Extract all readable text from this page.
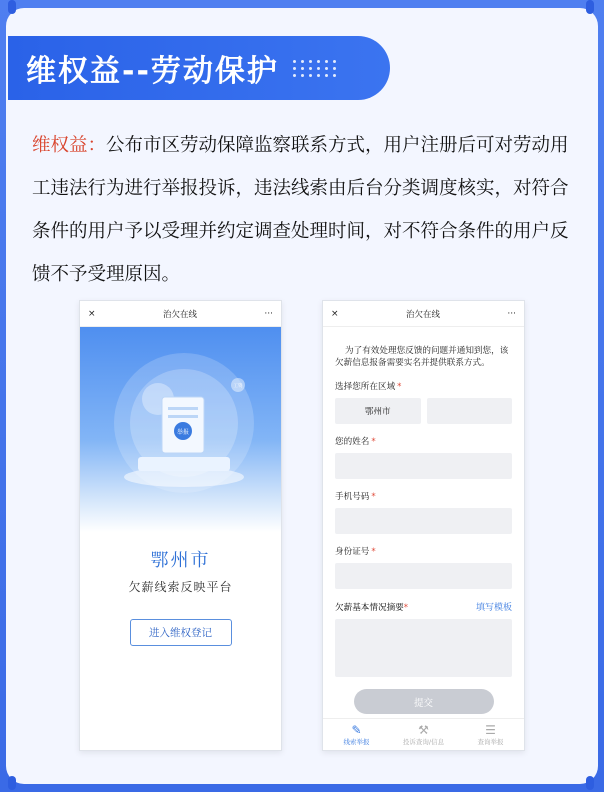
维权益--劳动保护

维权益：公布市区劳动保障监察联系方式，用户注册后可对劳动用工违法行为进行举报投诉，违法线索由后台分类调度核实，对符合条件的用户予以受理并约定调查处理时间，对不符合条件的用户反馈不予受理原因。

×	治欠在线	···
举报
工资
鄂州市
欠薪线索反映平台
进入维权登记
×	治欠在线	···

为了有效处理您反馈的问题并通知到您，该欠薪信息报备需要实名并提供联系方式。

选择您所在区域 *
鄂州市
您的姓名 *
手机号码 *
身份证号 *
欠薪基本情况摘要*	填写模板
提交
✎
线索举报
⚒
投诉查询/信息
☰
查询举报
